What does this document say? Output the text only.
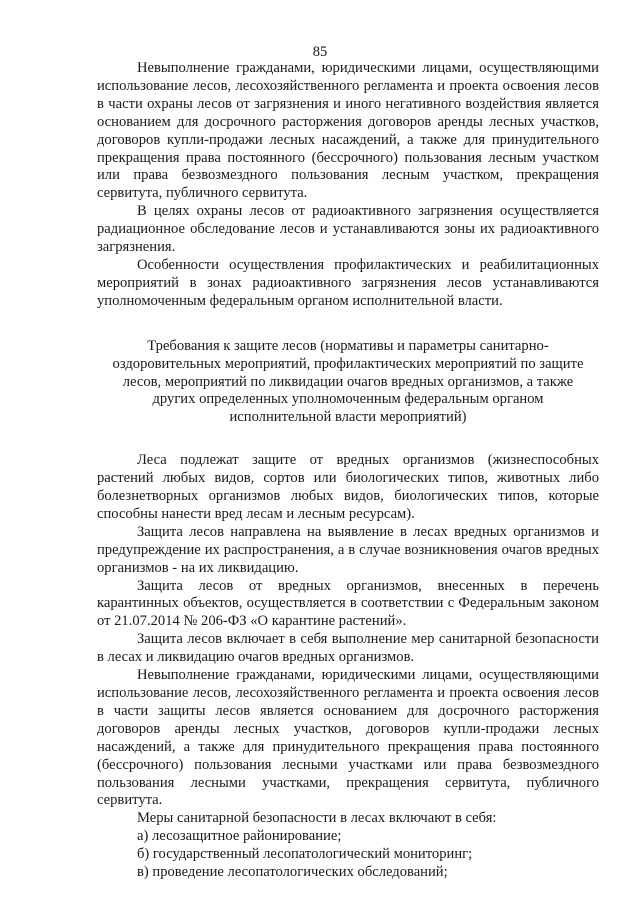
85

Невыполнение гражданами, юридическими лицами, осуществляющими использование лесов, лесохозяйственного регламента и проекта освоения лесов в части охраны лесов от загрязнения и иного негативного воздействия является основанием для досрочного расторжения договоров аренды лесных участков, договоров купли-продажи лесных насаждений, а также для принудительного прекращения права постоянного (бессрочного) пользования лесным участком или права безвозмездного пользования лесным участком, прекращения сервитута, публичного сервитута.

В целях охраны лесов от радиоактивного загрязнения осуществляется радиационное обследование лесов и устанавливаются зоны их радиоактивного загрязнения.

Особенности осуществления профилактических и реабилитационных мероприятий в зонах радиоактивного загрязнения лесов устанавливаются уполномоченным федеральным органом исполнительной власти.

Требования к защите лесов (нормативы и параметры санитарно-оздоровительных мероприятий, профилактических мероприятий по защите лесов, мероприятий по ликвидации очагов вредных организмов, а также других определенных уполномоченным федеральным органом исполнительной власти мероприятий)

Леса подлежат защите от вредных организмов (жизнеспособных растений любых видов, сортов или биологических типов, животных либо болезнетворных организмов любых видов, биологических типов, которые способны нанести вред лесам и лесным ресурсам).

Защита лесов направлена на выявление в лесах вредных организмов и предупреждение их распространения, а в случае возникновения очагов вредных организмов - на их ликвидацию.

Защита лесов от вредных организмов, внесенных в перечень карантинных объектов, осуществляется в соответствии с Федеральным законом от 21.07.2014 № 206-ФЗ «О карантине растений».

Защита лесов включает в себя выполнение мер санитарной безопасности в лесах и ликвидацию очагов вредных организмов.

Невыполнение гражданами, юридическими лицами, осуществляющими использование лесов, лесохозяйственного регламента и проекта освоения лесов в части защиты лесов является основанием для досрочного расторжения договоров аренды лесных участков, договоров купли-продажи лесных насаждений, а также для принудительного прекращения права постоянного (бессрочного) пользования лесными участками или права безвозмездного пользования лесными участками, прекращения сервитута, публичного сервитута.

Меры санитарной безопасности в лесах включают в себя:

а) лесозащитное районирование;

б) государственный лесопатологический мониторинг;

в) проведение лесопатологических обследований;
